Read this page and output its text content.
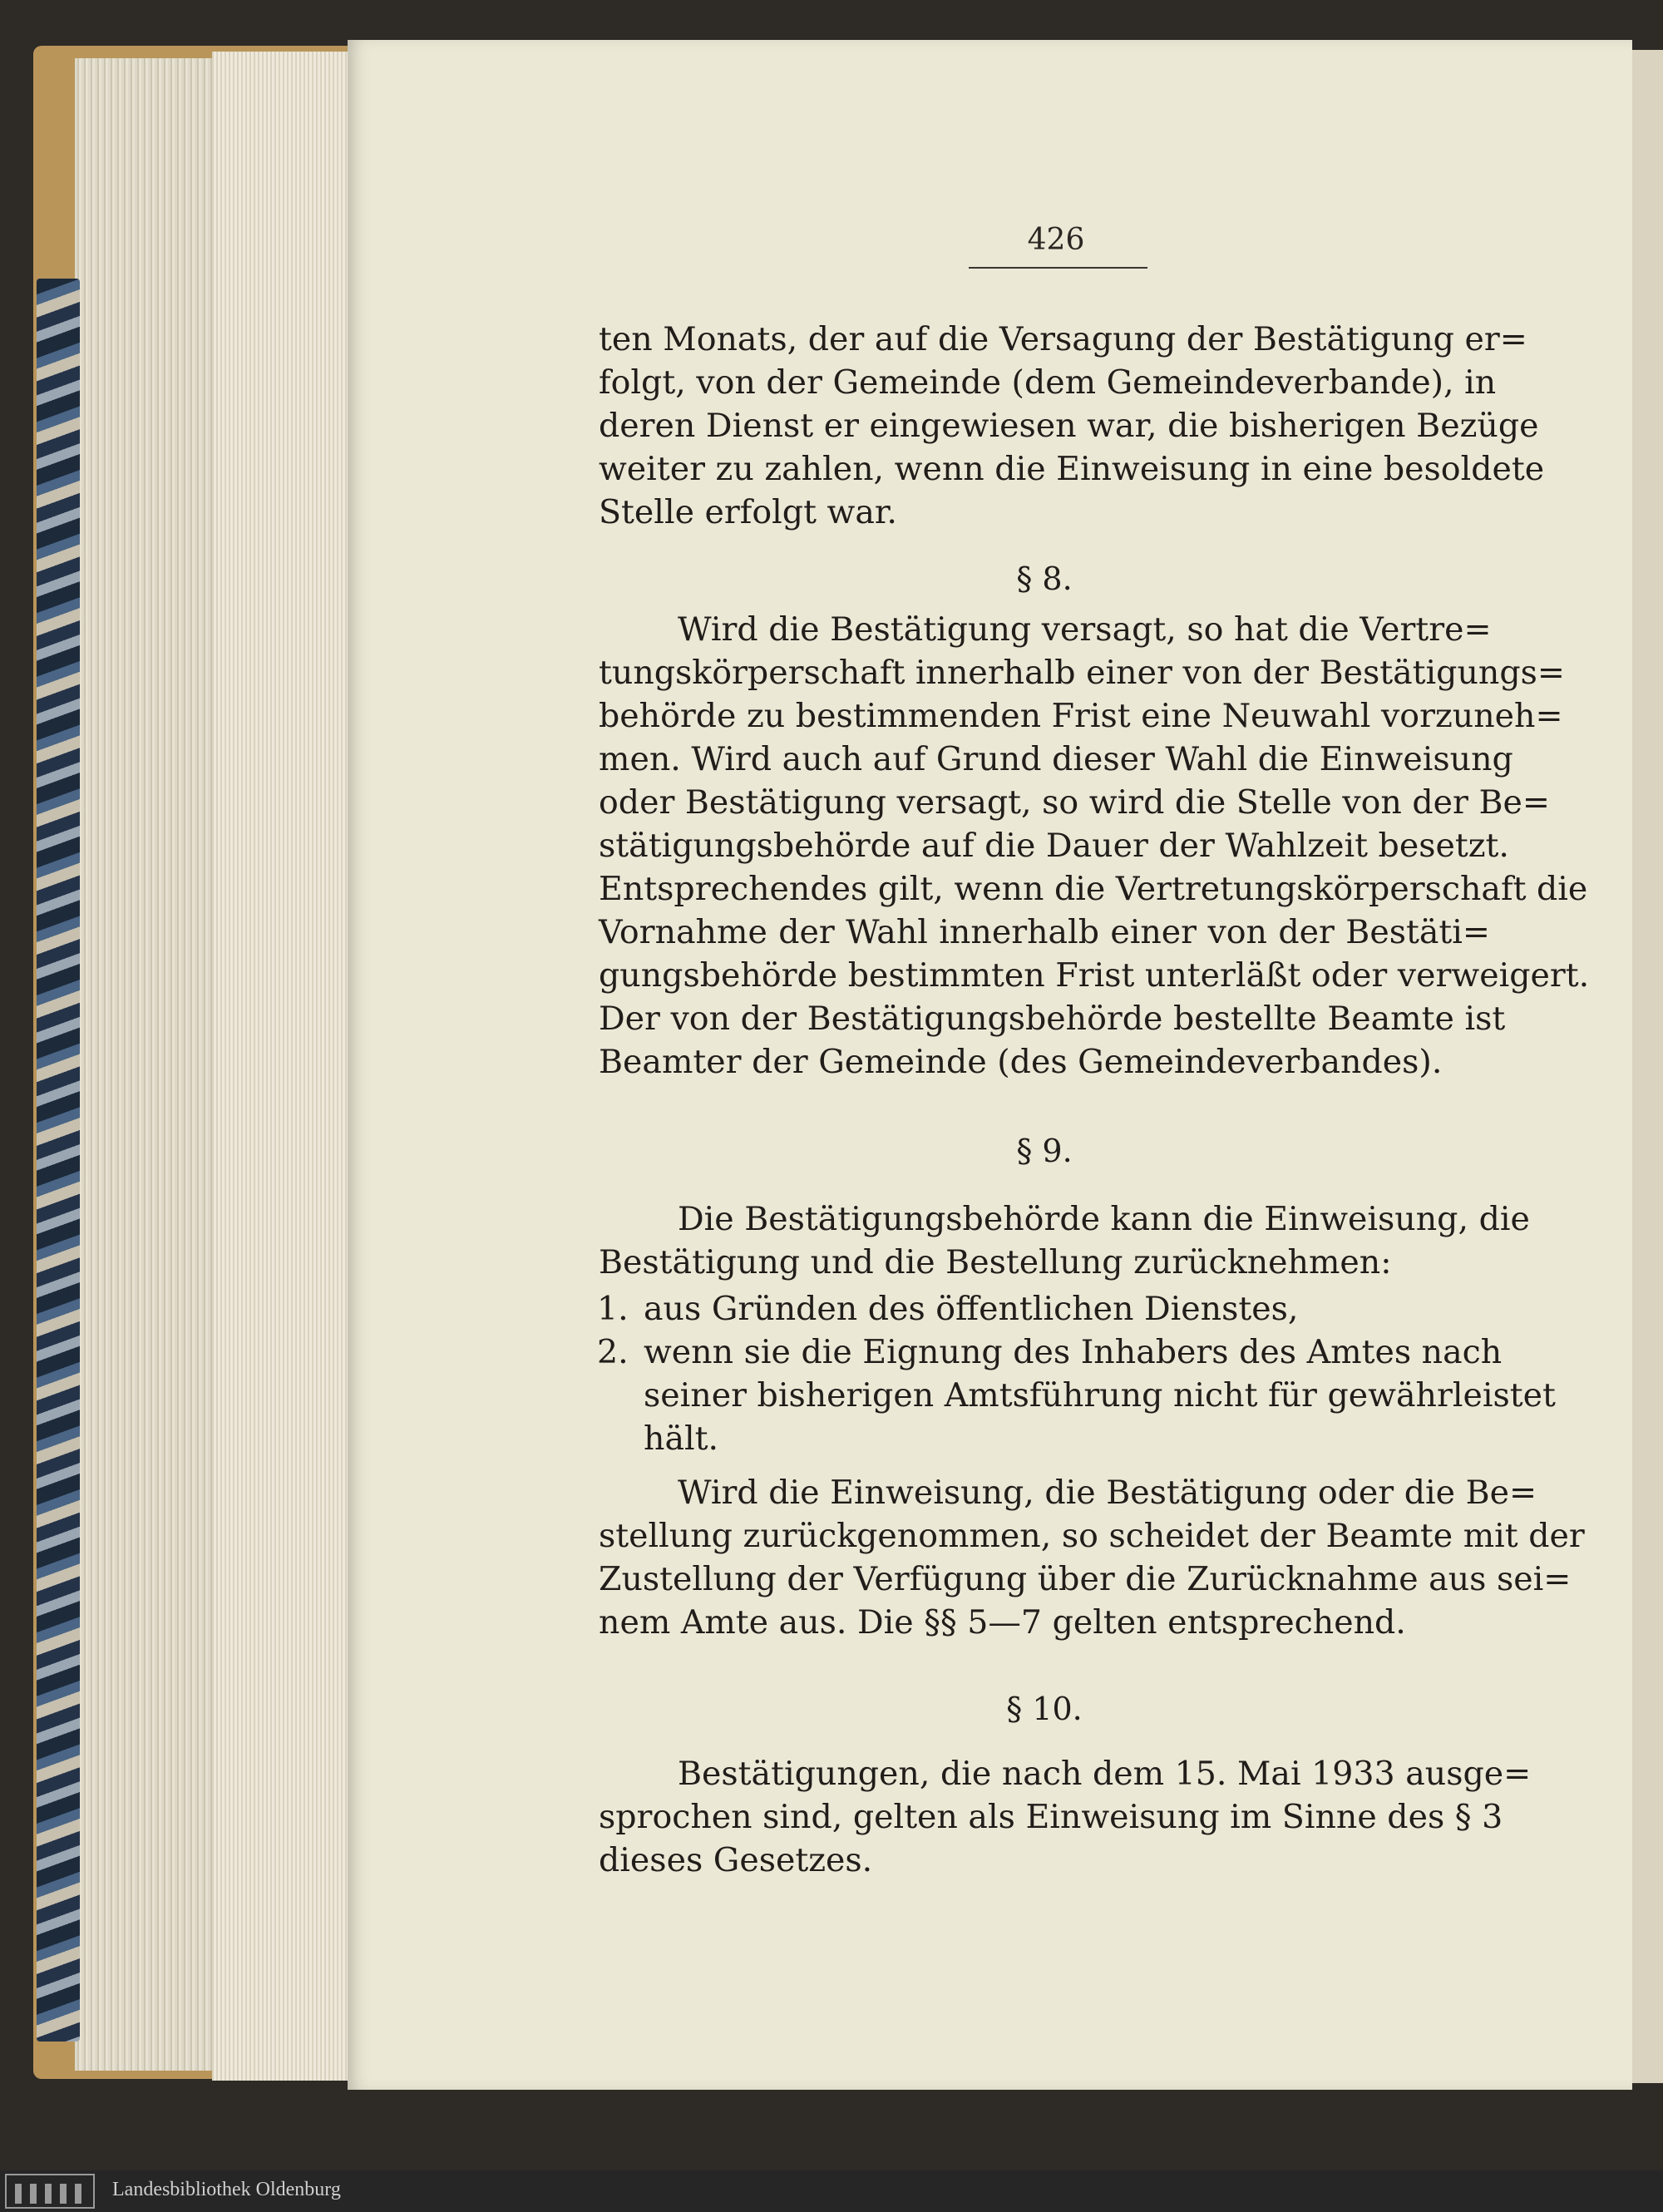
426
ten Monats, der auf die Versagung der Bestätigung er=
folgt, von der Gemeinde (dem Gemeindeverbande), in
deren Dienst er eingewiesen war, die bisherigen Bezüge
weiter zu zahlen, wenn die Einweisung in eine besoldete
Stelle erfolgt war.
§ 8.
Wird die Bestätigung versagt, so hat die Vertre=
tungskörperschaft innerhalb einer von der Bestätigungs=
behörde zu bestimmenden Frist eine Neuwahl vorzuneh=
men. Wird auch auf Grund dieser Wahl die Einweisung
oder Bestätigung versagt, so wird die Stelle von der Be=
stätigungsbehörde auf die Dauer der Wahlzeit besetzt.
Entsprechendes gilt, wenn die Vertretungskörperschaft die
Vornahme der Wahl innerhalb einer von der Bestäti=
gungsbehörde bestimmten Frist unterläßt oder verweigert.
Der von der Bestätigungsbehörde bestellte Beamte ist
Beamter der Gemeinde (des Gemeindeverbandes).
§ 9.
Die Bestätigungsbehörde kann die Einweisung, die
Bestätigung und die Bestellung zurücknehmen:
1. aus Gründen des öffentlichen Dienstes,
2. wenn sie die Eignung des Inhabers des Amtes nach
seiner bisherigen Amtsführung nicht für gewährleistet
hält.
Wird die Einweisung, die Bestätigung oder die Be=
stellung zurückgenommen, so scheidet der Beamte mit der
Zustellung der Verfügung über die Zurücknahme aus sei=
nem Amte aus. Die §§ 5—7 gelten entsprechend.
§ 10.
Bestätigungen, die nach dem 15. Mai 1933 ausge=
sprochen sind, gelten als Einweisung im Sinne des § 3
dieses Gesetzes.
Landesbibliothek Oldenburg
